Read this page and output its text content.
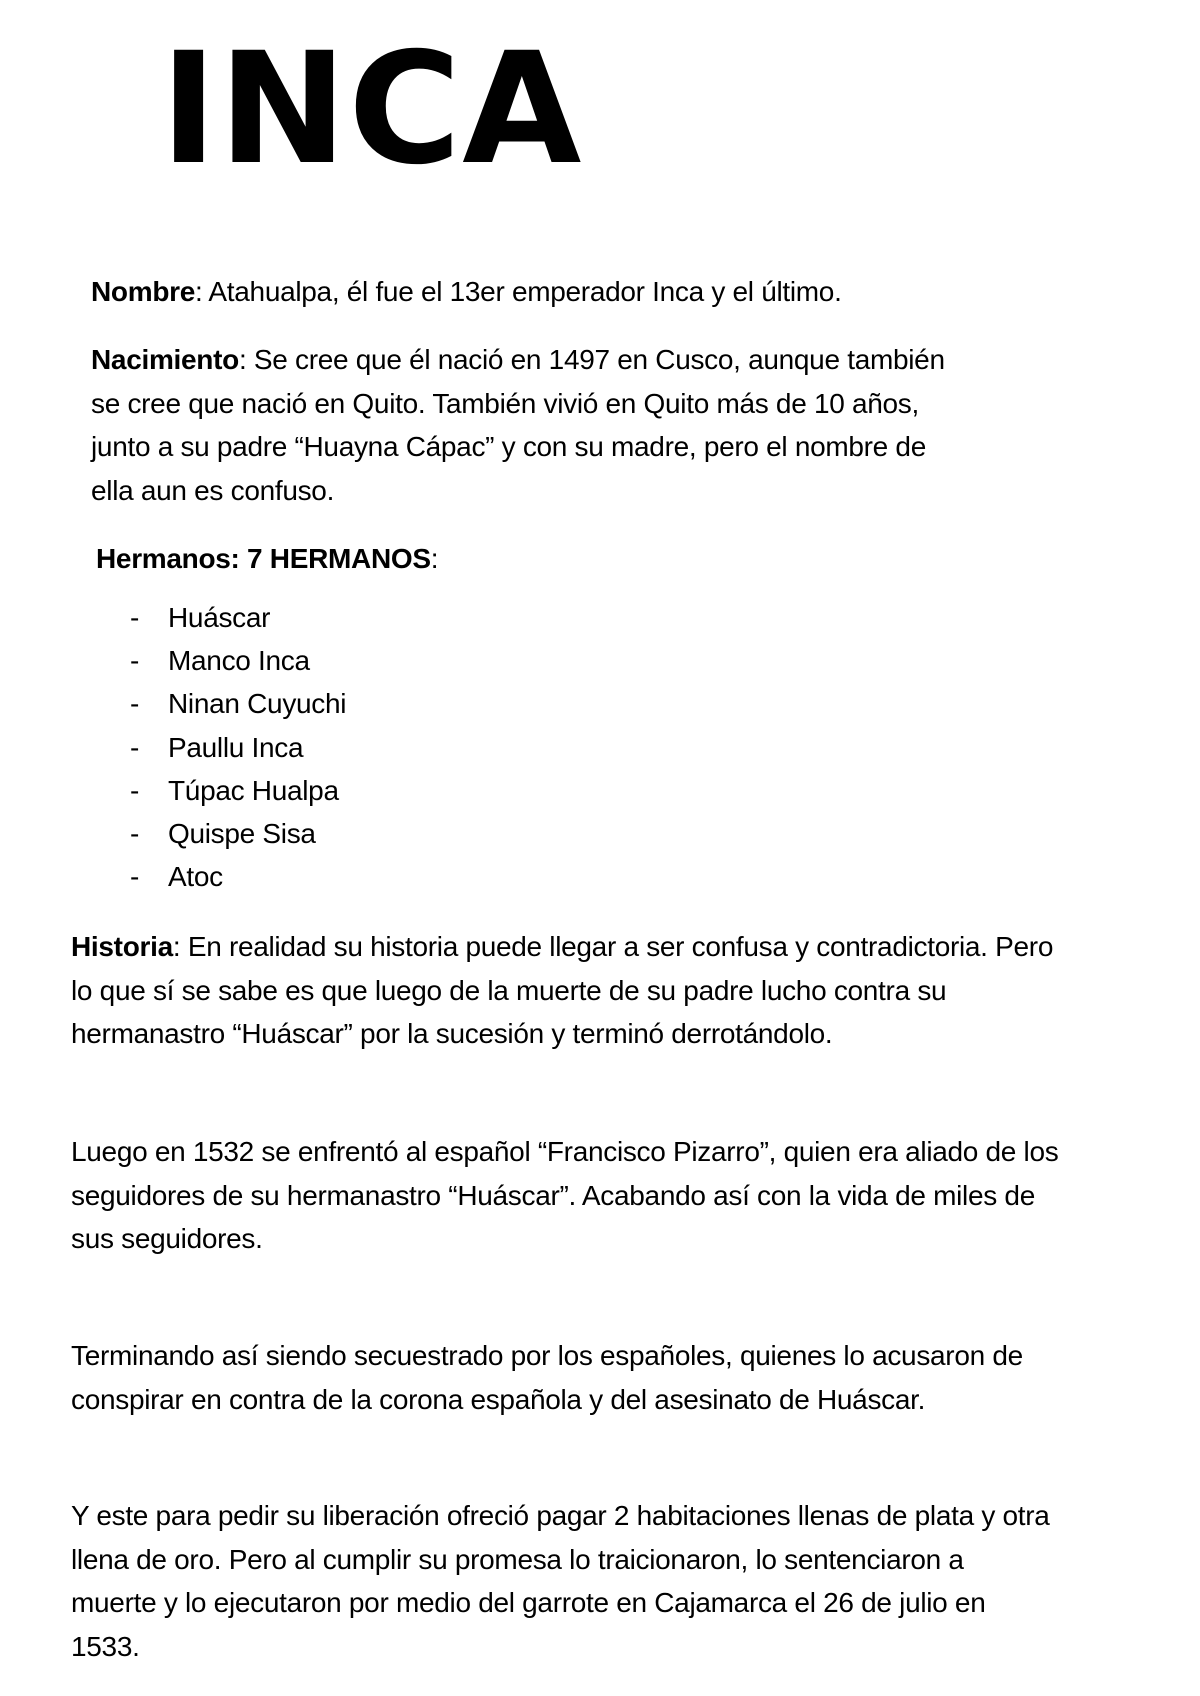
INCA

Nombre: Atahualpa, él fue el 13er emperador Inca y el último.

Nacimiento: Se cree que él nació en 1497 en Cusco, aunque también
se cree que nació en Quito. También vivió en Quito más de 10 años,
junto a su padre “Huayna Cápac” y con su madre, pero el nombre de
ella aun es confuso.

Hermanos: 7 HERMANOS:

-	Huáscar
-	Manco Inca
-	Ninan Cuyuchi
-	Paullu Inca
-	Túpac Hualpa
-	Quispe Sisa
-	Atoc

Historia: En realidad su historia puede llegar a ser confusa y contradictoria. Pero
lo que sí se sabe es que luego de la muerte de su padre lucho contra su
hermanastro “Huáscar” por la sucesión y terminó derrotándolo.

Luego en 1532 se enfrentó al español “Francisco Pizarro”, quien era aliado de los
seguidores de su hermanastro “Huáscar”. Acabando así con la vida de miles de
sus seguidores.

Terminando así siendo secuestrado por los españoles, quienes lo acusaron de
conspirar en contra de la corona española y del asesinato de Huáscar.

Y este para pedir su liberación ofreció pagar 2 habitaciones llenas de plata y otra
llena de oro. Pero al cumplir su promesa lo traicionaron, lo sentenciaron a
muerte y lo ejecutaron por medio del garrote en Cajamarca el 26 de julio en
1533.
